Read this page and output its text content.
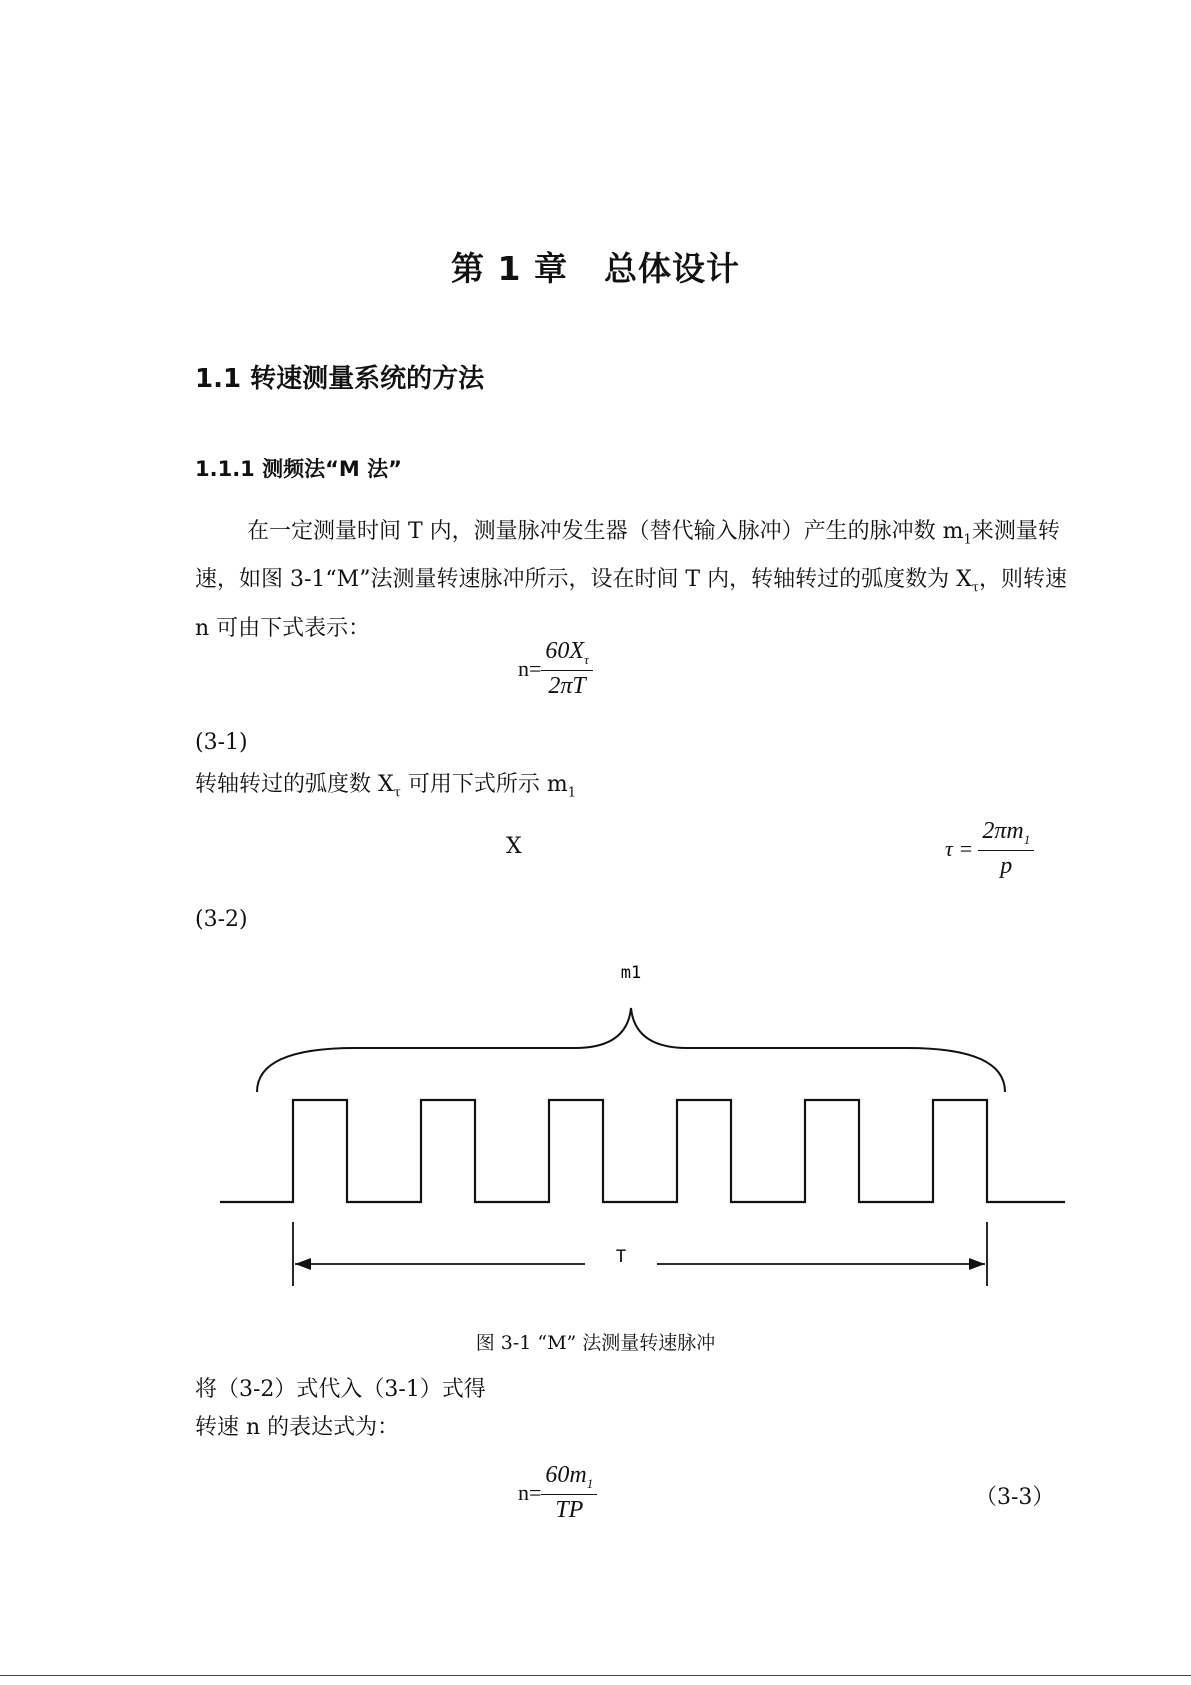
第 1 章 总体设计
1.1 转速测量系统的方法
1.1.1 测频法“M 法”
在一定测量时间 T 内，测量脉冲发生器（替代输入脉冲）产生的脉冲数 $m_1$来测量转速，如图 3-1“M”法测量转速脉冲所示，设在时间 T 内，转轴转过的弧度数为 $X_\tau$，则转速 n 可由下式表示：
$n= \frac{60X_\tau}{2\pi T}$
(3-1)
转轴转过的弧度数 $X_\tau$ 可用下式所示 $m_1$
X	$\tau = \frac{2\pi m_1}{p}$
(3-2)
m1
T
图 3-1 “M” 法测量转速脉冲
将（3-2）式代入（3-1）式得
转速 n 的表达式为：
$n= \frac{60m_1}{TP}$	（3-3）
